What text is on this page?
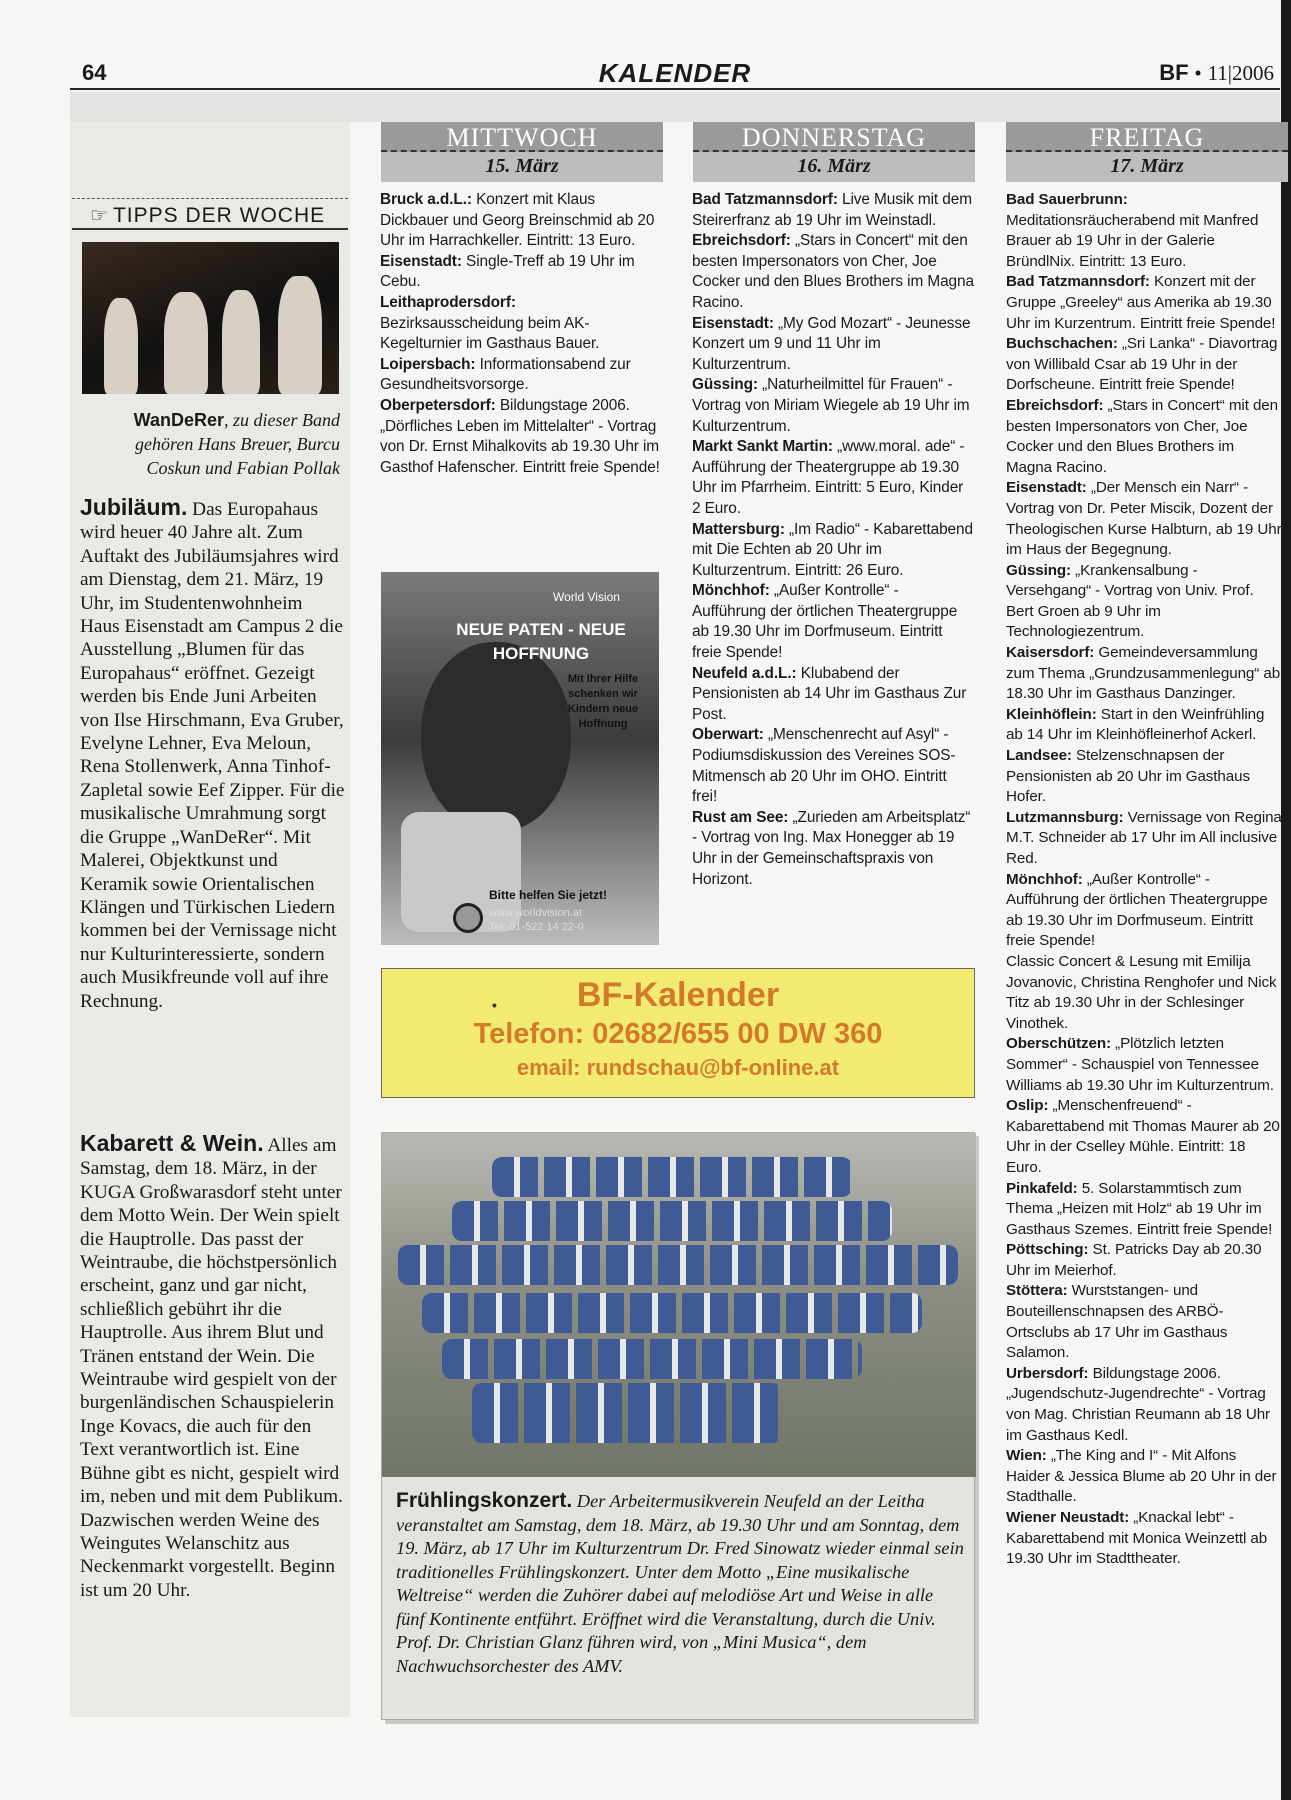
64	KALENDER	BF • 11|2006
☞ TIPPS DER WOCHE
WanDeRer, zu dieser Band gehören Hans Breuer, Burcu Coskun und Fabian Pollak
Jubiläum. Das Europahaus wird heuer 40 Jahre alt. Zum Auftakt des Jubiläumsjahres wird am Dienstag, dem 21. März, 19 Uhr, im Studentenwohnheim Haus Eisenstadt am Campus 2 die Ausstellung „Blumen für das Europahaus“ eröffnet. Gezeigt werden bis Ende Juni Arbeiten von Ilse Hirschmann, Eva Gruber, Evelyne Lehner, Eva Meloun, Rena Stollenwerk, Anna Tinhof-Zapletal sowie Eef Zipper. Für die musikalische Umrahmung sorgt die Gruppe „WanDeRer“. Mit Malerei, Objektkunst und Keramik sowie Orientalischen Klängen und Türkischen Liedern kommen bei der Vernissage nicht nur Kulturinteressierte, sondern auch Musikfreunde voll auf ihre Rechnung.
Kabarett & Wein. Alles am Samstag, dem 18. März, in der KUGA Großwarasdorf steht unter dem Motto Wein. Der Wein spielt die Hauptrolle. Das passt der Weintraube, die höchstpersönlich erscheint, ganz und gar nicht, schließlich gebührt ihr die Hauptrolle. Aus ihrem Blut und Tränen entstand der Wein. Die Weintraube wird gespielt von der burgenländischen Schauspielerin Inge Kovacs, die auch für den Text verantwortlich ist. Eine Bühne gibt es nicht, gespielt wird im, neben und mit dem Publikum. Dazwischen werden Weine des Weingutes Welanschitz aus Neckenmarkt vorgestellt. Beginn ist um 20 Uhr.
MITTWOCH
15. März
DONNERSTAG
16. März
FREITAG
17. März

Bruck a.d.L.: Konzert mit Klaus Dickbauer und Georg Breinschmid ab 20 Uhr im Harrachkeller. Eintritt: 13 Euro.

Eisenstadt: Single-Treff ab 19 Uhr im Cebu.

Leithaprodersdorf: Bezirksausscheidung beim AK-Kegelturnier im Gasthaus Bauer.

Loipersbach: Informationsabend zur Gesundheitsvorsorge.

Oberpetersdorf: Bildungstage 2006. „Dörfliches Leben im Mittelalter“ - Vortrag von Dr. Ernst Mihalkovits ab 19.30 Uhr im Gasthof Hafenscher. Eintritt freie Spende!

Bad Tatzmannsdorf: Live Musik mit dem Steirerfranz ab 19 Uhr im Weinstadl.

Ebreichsdorf: „Stars in Concert“ mit den besten Impersonators von Cher, Joe Cocker und den Blues Brothers im Magna Racino.

Eisenstadt: „My God Mozart“ - Jeunesse Konzert um 9 und 11 Uhr im Kulturzentrum.

Güssing: „Naturheilmittel für Frauen“ - Vortrag von Miriam Wiegele ab 19 Uhr im Kulturzentrum.

Markt Sankt Martin: „www.moral. ade“ - Aufführung der Theatergruppe ab 19.30 Uhr im Pfarrheim. Eintritt: 5 Euro, Kinder 2 Euro.

Mattersburg: „Im Radio“ - Kabarettabend mit Die Echten ab 20 Uhr im Kulturzentrum. Eintritt: 26 Euro.

Mönchhof: „Außer Kontrolle“ - Aufführung der örtlichen Theatergruppe ab 19.30 Uhr im Dorfmuseum. Eintritt freie Spende!

Neufeld a.d.L.: Klubabend der Pensionisten ab 14 Uhr im Gasthaus Zur Post.

Oberwart: „Menschenrecht auf Asyl“ - Podiumsdiskussion des Vereines SOS-Mitmensch ab 20 Uhr im OHO. Eintritt frei!

Rust am See: „Zurieden am Arbeitsplatz“ - Vortrag von Ing. Max Honegger ab 19 Uhr in der Gemeinschaftspraxis von Horizont.

Bad Sauerbrunn: Meditationsräucherabend mit Manfred Brauer ab 19 Uhr in der Galerie BründlNix. Eintritt: 13 Euro.

Bad Tatzmannsdorf: Konzert mit der Gruppe „Greeley“ aus Amerika ab 19.30 Uhr im Kurzentrum. Eintritt freie Spende!

Buchschachen: „Sri Lanka“ - Diavortrag von Willibald Csar ab 19 Uhr in der Dorfscheune. Eintritt freie Spende!

Ebreichsdorf: „Stars in Concert“ mit den besten Impersonators von Cher, Joe Cocker und den Blues Brothers im Magna Racino.

Eisenstadt: „Der Mensch ein Narr“ - Vortrag von Dr. Peter Miscik, Dozent der Theologischen Kurse Halbturn, ab 19 Uhr im Haus der Begegnung.

Güssing: „Krankensalbung - Versehgang“ - Vortrag von Univ. Prof. Bert Groen ab 9 Uhr im Technologiezentrum.

Kaisersdorf: Gemeindeversammlung zum Thema „Grundzusammenlegung“ ab 18.30 Uhr im Gasthaus Danzinger.

Kleinhöflein: Start in den Weinfrühling ab 14 Uhr im Kleinhöfleinerhof Ackerl.

Landsee: Stelzenschnapsen der Pensionisten ab 20 Uhr im Gasthaus Hofer.

Lutzmannsburg: Vernissage von Regina M.T. Schneider ab 17 Uhr im All inclusive Red.

Mönchhof: „Außer Kontrolle“ - Aufführung der örtlichen Theatergruppe ab 19.30 Uhr im Dorfmuseum. Eintritt freie Spende!

Classic Concert & Lesung mit Emilija Jovanovic, Christina Renghofer und Nick Titz ab 19.30 Uhr in der Schlesinger Vinothek.

Oberschützen: „Plötzlich letzten Sommer“ - Schauspiel von Tennessee Williams ab 19.30 Uhr im Kulturzentrum.

Oslip: „Menschenfreuend“ - Kabarettabend mit Thomas Maurer ab 20 Uhr in der Cselley Mühle. Eintritt: 18 Euro.

Pinkafeld: 5. Solarstammtisch zum Thema „Heizen mit Holz“ ab 19 Uhr im Gasthaus Szemes. Eintritt freie Spende!

Pöttsching: St. Patricks Day ab 20.30 Uhr im Meierhof.

Stöttera: Wurststangen- und Bouteillenschnapsen des ARBÖ-Ortsclubs ab 17 Uhr im Gasthaus Salamon.

Urbersdorf: Bildungstage 2006. „Jugendschutz-Jugendrechte“ - Vortrag von Mag. Christian Reumann ab 18 Uhr im Gasthaus Kedl.

Wien: „The King and I“ - Mit Alfons Haider & Jessica Blume ab 20 Uhr in der Stadthalle.

Wiener Neustadt: „Knackal lebt“ - Kabarettabend mit Monica Weinzettl ab 19.30 Uhr im Stadttheater.

World Vision
NEUE PATEN - NEUE HOFFNUNG
Mit Ihrer Hilfe schenken wir Kindern neue Hoffnung
Bitte helfen Sie jetzt!
www.worldvision.at
Tel: 01-522 14 22-0
•	BF-Kalender
Telefon: 02682/655 00 DW 360
email: rundschau@bf-online.at
Frühlingskonzert. Der Arbeitermusikverein Neufeld an der Leitha veranstaltet am Samstag, dem 18. März, ab 19.30 Uhr und am Sonntag, dem 19. März, ab 17 Uhr im Kulturzentrum Dr. Fred Sinowatz wieder einmal sein traditionelles Frühlingskonzert. Unter dem Motto „Eine musikalische Weltreise“ werden die Zuhörer dabei auf melodiöse Art und Weise in alle fünf Kontinente entführt. Eröffnet wird die Veranstaltung, durch die Univ. Prof. Dr. Christian Glanz führen wird, von „Mini Musica“, dem Nachwuchsorchester des AMV.
